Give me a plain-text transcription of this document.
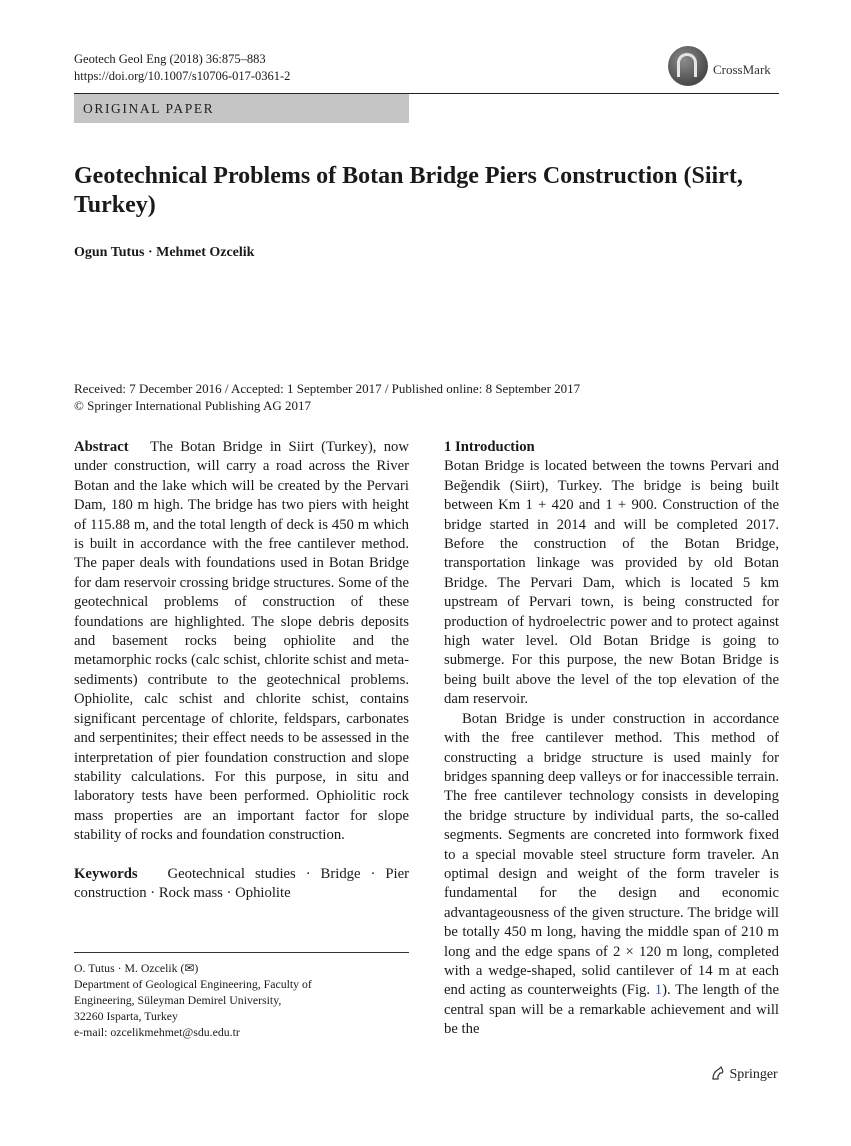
Geotech Geol Eng (2018) 36:875–883
https://doi.org/10.1007/s10706-017-0361-2	CrossMark
ORIGINAL PAPER
Geotechnical Problems of Botan Bridge Piers Construction (Siirt, Turkey)
Ogun Tutus · Mehmet Ozcelik
Received: 7 December 2016 / Accepted: 1 September 2017 / Published online: 8 September 2017
© Springer International Publishing AG 2017

Abstract The Botan Bridge in Siirt (Turkey), now under construction, will carry a road across the River Botan and the lake which will be created by the Pervari Dam, 180 m high. The bridge has two piers with height of 115.88 m, and the total length of deck is 450 m which is built in accordance with the free cantilever method. The paper deals with foundations used in Botan Bridge for dam reservoir crossing bridge structures. Some of the geotechnical problems of construction of these foundations are highlighted. The slope debris deposits and basement rocks being ophiolite and the metamorphic rocks (calc schist, chlorite schist and meta-sediments) contribute to the geotechnical problems. Ophiolite, calc schist and chlorite schist, contains significant percentage of chlorite, feldspars, carbonates and serpentinites; their effect needs to be assessed in the interpretation of pier foundation construction and slope stability calculations. For this purpose, in situ and laboratory tests have been performed. Ophiolitic rock mass properties are an important factor for slope stability of rocks and foundation construction.

Keywords Geotechnical studies · Bridge · Pier construction · Rock mass · Ophiolite

O. Tutus · M. Ozcelik (✉)
Department of Geological Engineering, Faculty of
Engineering, Süleyman Demirel University,
32260 Isparta, Turkey
e-mail: ozcelikmehmet@sdu.edu.tr

1 Introduction

Botan Bridge is located between the towns Pervari and Beğendik (Siirt), Turkey. The bridge is being built between Km 1 + 420 and 1 + 900. Construction of the bridge started in 2014 and will be completed 2017. Before the construction of the Botan Bridge, transportation linkage was provided by old Botan Bridge. The Pervari Dam, which is located 5 km upstream of Pervari town, is being constructed for production of hydroelectric power and to protect against high water level. Old Botan Bridge is going to submerge. For this purpose, the new Botan Bridge is being built above the level of the top elevation of the dam reservoir.

Botan Bridge is under construction in accordance with the free cantilever method. This method of constructing a bridge structure is used mainly for bridges spanning deep valleys or for inaccessible terrain. The free cantilever technology consists in developing the bridge structure by individual parts, the so-called segments. Segments are concreted into formwork fixed to a special movable steel structure form traveler. An optimal design and weight of the form traveler is fundamental for the design and economic advantageousness of the given structure. The bridge will be totally 450 m long, having the middle span of 210 m long and the edge spans of 2 × 120 m long, completed with a wedge-shaped, solid cantilever of 14 m at each end acting as counterweights (Fig. 1). The length of the central span will be a remarkable achievement and will be the

Springer
